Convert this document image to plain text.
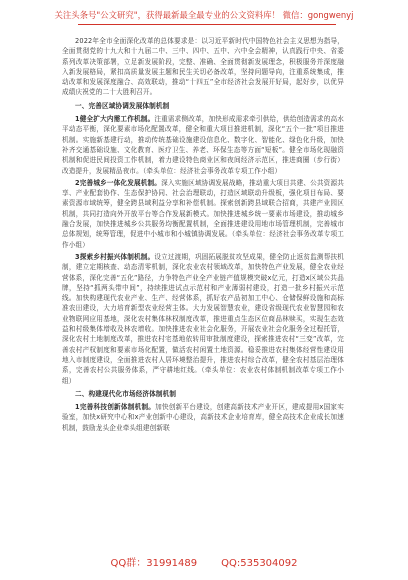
关注头条号"公文研究"，获得最新最全最专业的公文资料库！ 微信：gongwenyj

2022年全市全面深化改革的总体要求是：以习近平新时代中国特色社会主义思想为指导，全面贯彻党的十九大和十九届二中、三中、四中、五中、六中全会精神，认真践行中央、省委系列改革决策部署，立足新发展阶段，完整、准确、全面贯彻新发展理念，积极服务并深度融入新发展格局，紧扣高质量发展主题和民生关切必备改革，坚持问题导向，注重系统集成，推动改革和发展深度融合、高效联动，推动“十四五”全市经济社会发展开好局，起好步，以优异成绩庆祝党的二十大胜利召开。

一、完善区域协调发展体制机制

1健全扩大内需工作机制。注重需求侧改革，加快形成需求牵引供给，供给创造需求的高水平动态平衡，深化要素市场化配置改革，健全和重大项目推进机制，深化“五个一批”项目推进机制。实施新基建行动，推动传统基础设施建设信息化、数字化、智能化、绿色化升级，加快补齐交通基础设施、文化教育、医疗卫生、养老、环保生态等方面“短板”。健全市场化现融资机制和促进民间投资工作机制，着力建设特色商业区和夜间经济示范区，推进商圈（步行街）改造提升，发展精品夜市。（牵头单位：经济社会事务改革专项工作小组）

2完善城乡一体化发展机制。深入实施区域协调发展战略，推动重大项目共建、公共资源共享、产业配套协作、生态保护协同、社会治理联动，打造区域联动升级板，强化项目布局、要素资源市域统筹，健全跨县域利益分享和补偿机制。探索创新跨县域联合招商，共建产业园区机制，共同打造向外开放平台等合作发展新模式。加快推进城乡统一要素市场建设，推动城乡融合发展，加快推进城乡公共服务均衡配置机制，全面推进建设用地市场管理机制，完善城市总体规划，统筹管理，促进中小城市和小城镇协调发展。（牵头单位：经济社会事务改革专项工作小组）

3探索乡村振兴体制机制。设立过渡期，巩固拓展脱贫攻坚成果，健全防止返贫监测帮扶机制，建立定期核查、动态清零机制，深化农业农村领域改革，加快特色产业发展，健全农业经营体系，深化完善“五化”路径，力争特色产业全产业链产值规模突破x亿元，打造x区域公共品牌，坚持“抓两头带中间”，持续推进试点示范村和产业薄弱村建设，打造一批乡村振兴示范线。加快构建现代农业产业、生产、经营体系，抓好农产品初加工中心、仓储保鲜设施和高标准农田建设，大力培育新型农业经营主体。大力发展智慧农业，建设省级现代农业智慧园和农业物联网应用基地，深化农村集体林权制度改革，推进重点生态区位商品林赎买，实现生态效益和村级集体增收及林农增收。加快推进农业社会化服务，开展农业社会化服务全过程托管，深化农村土地制度改革，推进农村宅基地依转用审批制度建设，探索推进农村“三变”改革，完善农村产权制度和要素市场化配置，做活农村闲置土地资源。稳妥推进农村集体经营性建设用地入市制度建设，全面推进农村人居环境整治提升，推进农村综合改革，健全农村基层治理体系，完善农村公共服务体系，严守耕地红线。（牵头单位：农业农村体制机制改革专项工作小组）

二、构建现代化市场经济体制机制

1完善科技创新体制机制。加快创新平台建设，创建高新技术产业开区，建成提用x国家实验室，加快x研究中心和x产业创新中心建设，高新技术企业培育库，健全高技术企业成长加速机制，鼓励龙头企业牵头组建创新联

QQ群：31991489 QQ:535304092
